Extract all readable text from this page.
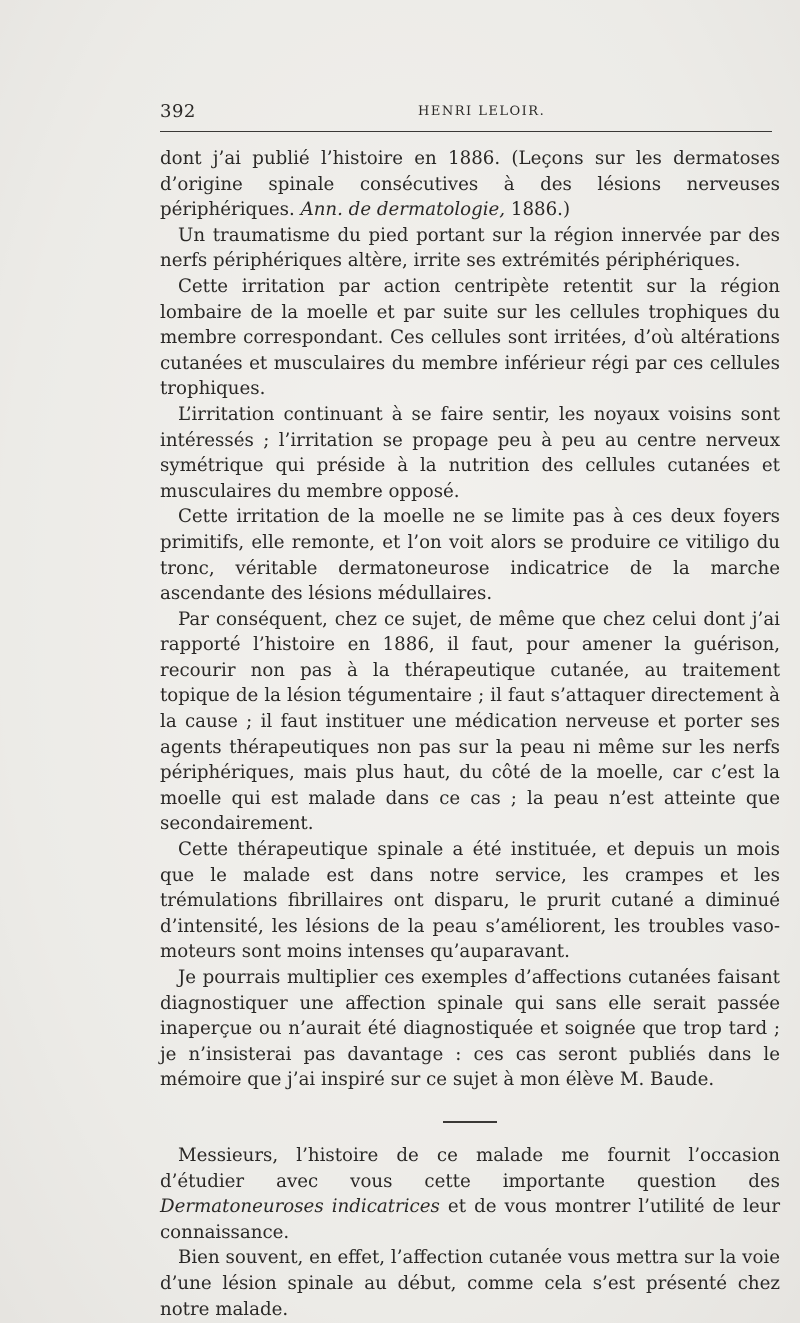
392	HENRI LELOIR.

dont j’ai publié l’histoire en 1886. (Leçons sur les dermatoses d’origine spinale consécutives à des lésions nerveuses périphériques. Ann. de dermatologie, 1886.)

Un traumatisme du pied portant sur la région innervée par des nerfs périphériques altère, irrite ses extrémités périphériques.

Cette irritation par action centripète retentit sur la région lombaire de la moelle et par suite sur les cellules trophiques du membre correspondant. Ces cellules sont irritées, d’où altérations cutanées et musculaires du membre inférieur régi par ces cellules trophiques.

L’irritation continuant à se faire sentir, les noyaux voisins sont intéressés ; l’irritation se propage peu à peu au centre nerveux symétrique qui préside à la nutrition des cellules cutanées et musculaires du membre opposé.

Cette irritation de la moelle ne se limite pas à ces deux foyers primitifs, elle remonte, et l’on voit alors se produire ce vitiligo du tronc, véritable dermatoneurose indicatrice de la marche ascendante des lésions médullaires.

Par conséquent, chez ce sujet, de même que chez celui dont j’ai rapporté l’histoire en 1886, il faut, pour amener la guérison, recourir non pas à la thérapeutique cutanée, au traitement topique de la lésion tégumentaire ; il faut s’attaquer directement à la cause ; il faut instituer une médication nerveuse et porter ses agents thérapeutiques non pas sur la peau ni même sur les nerfs périphériques, mais plus haut, du côté de la moelle, car c’est la moelle qui est malade dans ce cas ; la peau n’est atteinte que secondairement.

Cette thérapeutique spinale a été instituée, et depuis un mois que le malade est dans notre service, les crampes et les trémulations fibrillaires ont disparu, le prurit cutané a diminué d’intensité, les lésions de la peau s’améliorent, les troubles vaso-moteurs sont moins intenses qu’auparavant.

Je pourrais multiplier ces exemples d’affections cutanées faisant diagnostiquer une affection spinale qui sans elle serait passée inaperçue ou n’aurait été diagnostiquée et soignée que trop tard ; je n’insisterai pas davantage : ces cas seront publiés dans le mémoire que j’ai inspiré sur ce sujet à mon élève M. Baude.

Messieurs, l’histoire de ce malade me fournit l’occasion d’étudier avec vous cette importante question des Dermatoneuroses indicatrices et de vous montrer l’utilité de leur connaissance.

Bien souvent, en effet, l’affection cutanée vous mettra sur la voie d’une lésion spinale au début, comme cela s’est présenté chez notre malade.
